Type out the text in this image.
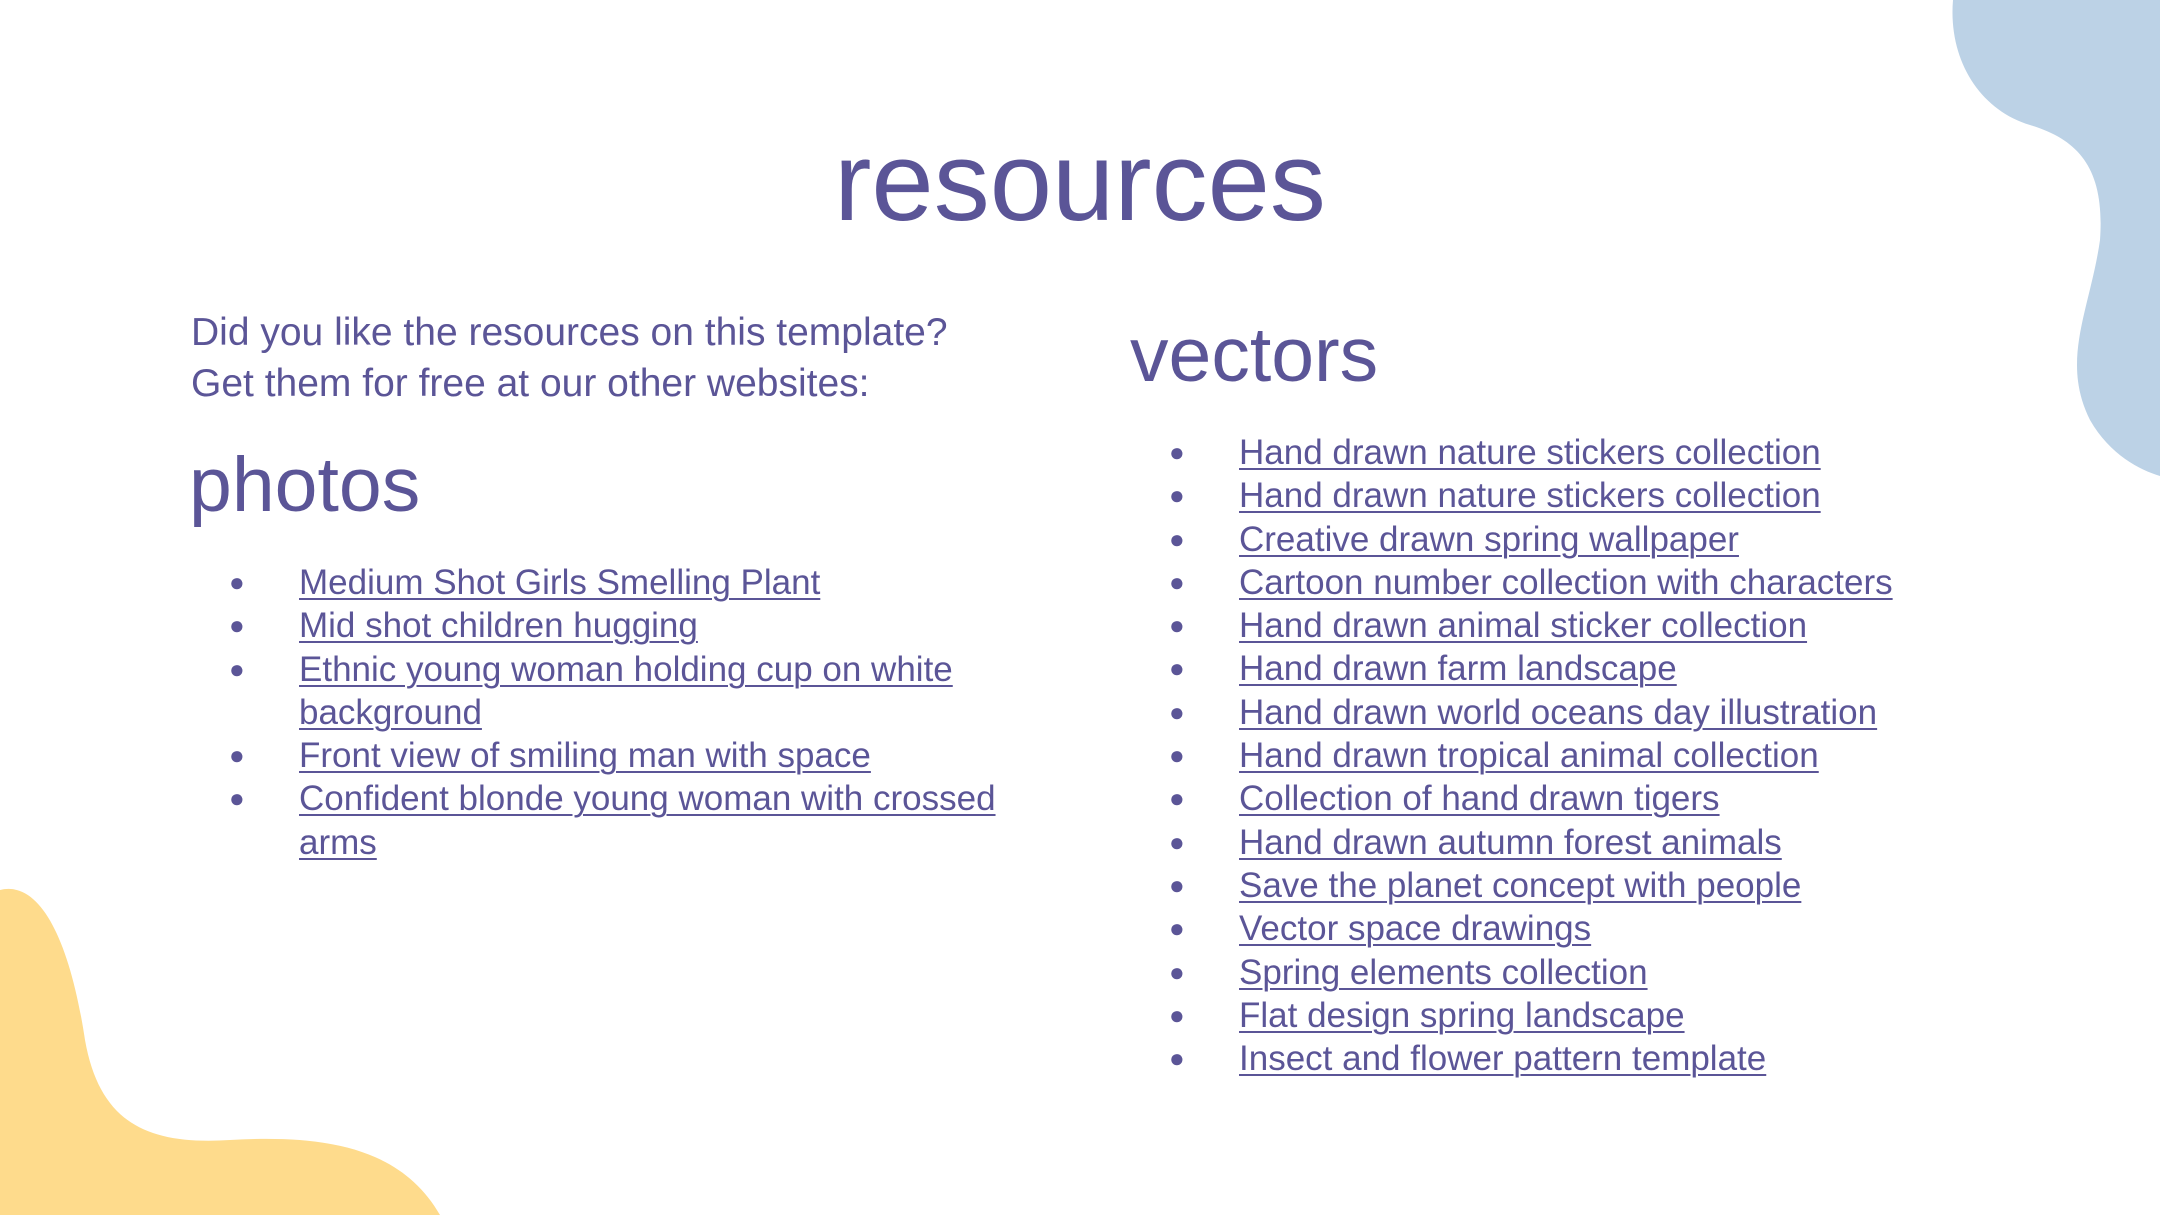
resources
Did you like the resources on this template?
Get them for free at our other websites:
photos
● Medium Shot Girls Smelling Plant
● Mid shot children hugging
● Ethnic young woman holding cup on white background
● Front view of smiling man with space
● Confident blonde young woman with crossed arms
vectors
● Hand drawn nature stickers collection
● Hand drawn nature stickers collection
● Creative drawn spring wallpaper
● Cartoon number collection with characters
● Hand drawn animal sticker collection
● Hand drawn farm landscape
● Hand drawn world oceans day illustration
● Hand drawn tropical animal collection
● Collection of hand drawn tigers
● Hand drawn autumn forest animals
● Save the planet concept with people
● Vector space drawings
● Spring elements collection
● Flat design spring landscape
● Insect and flower pattern template
